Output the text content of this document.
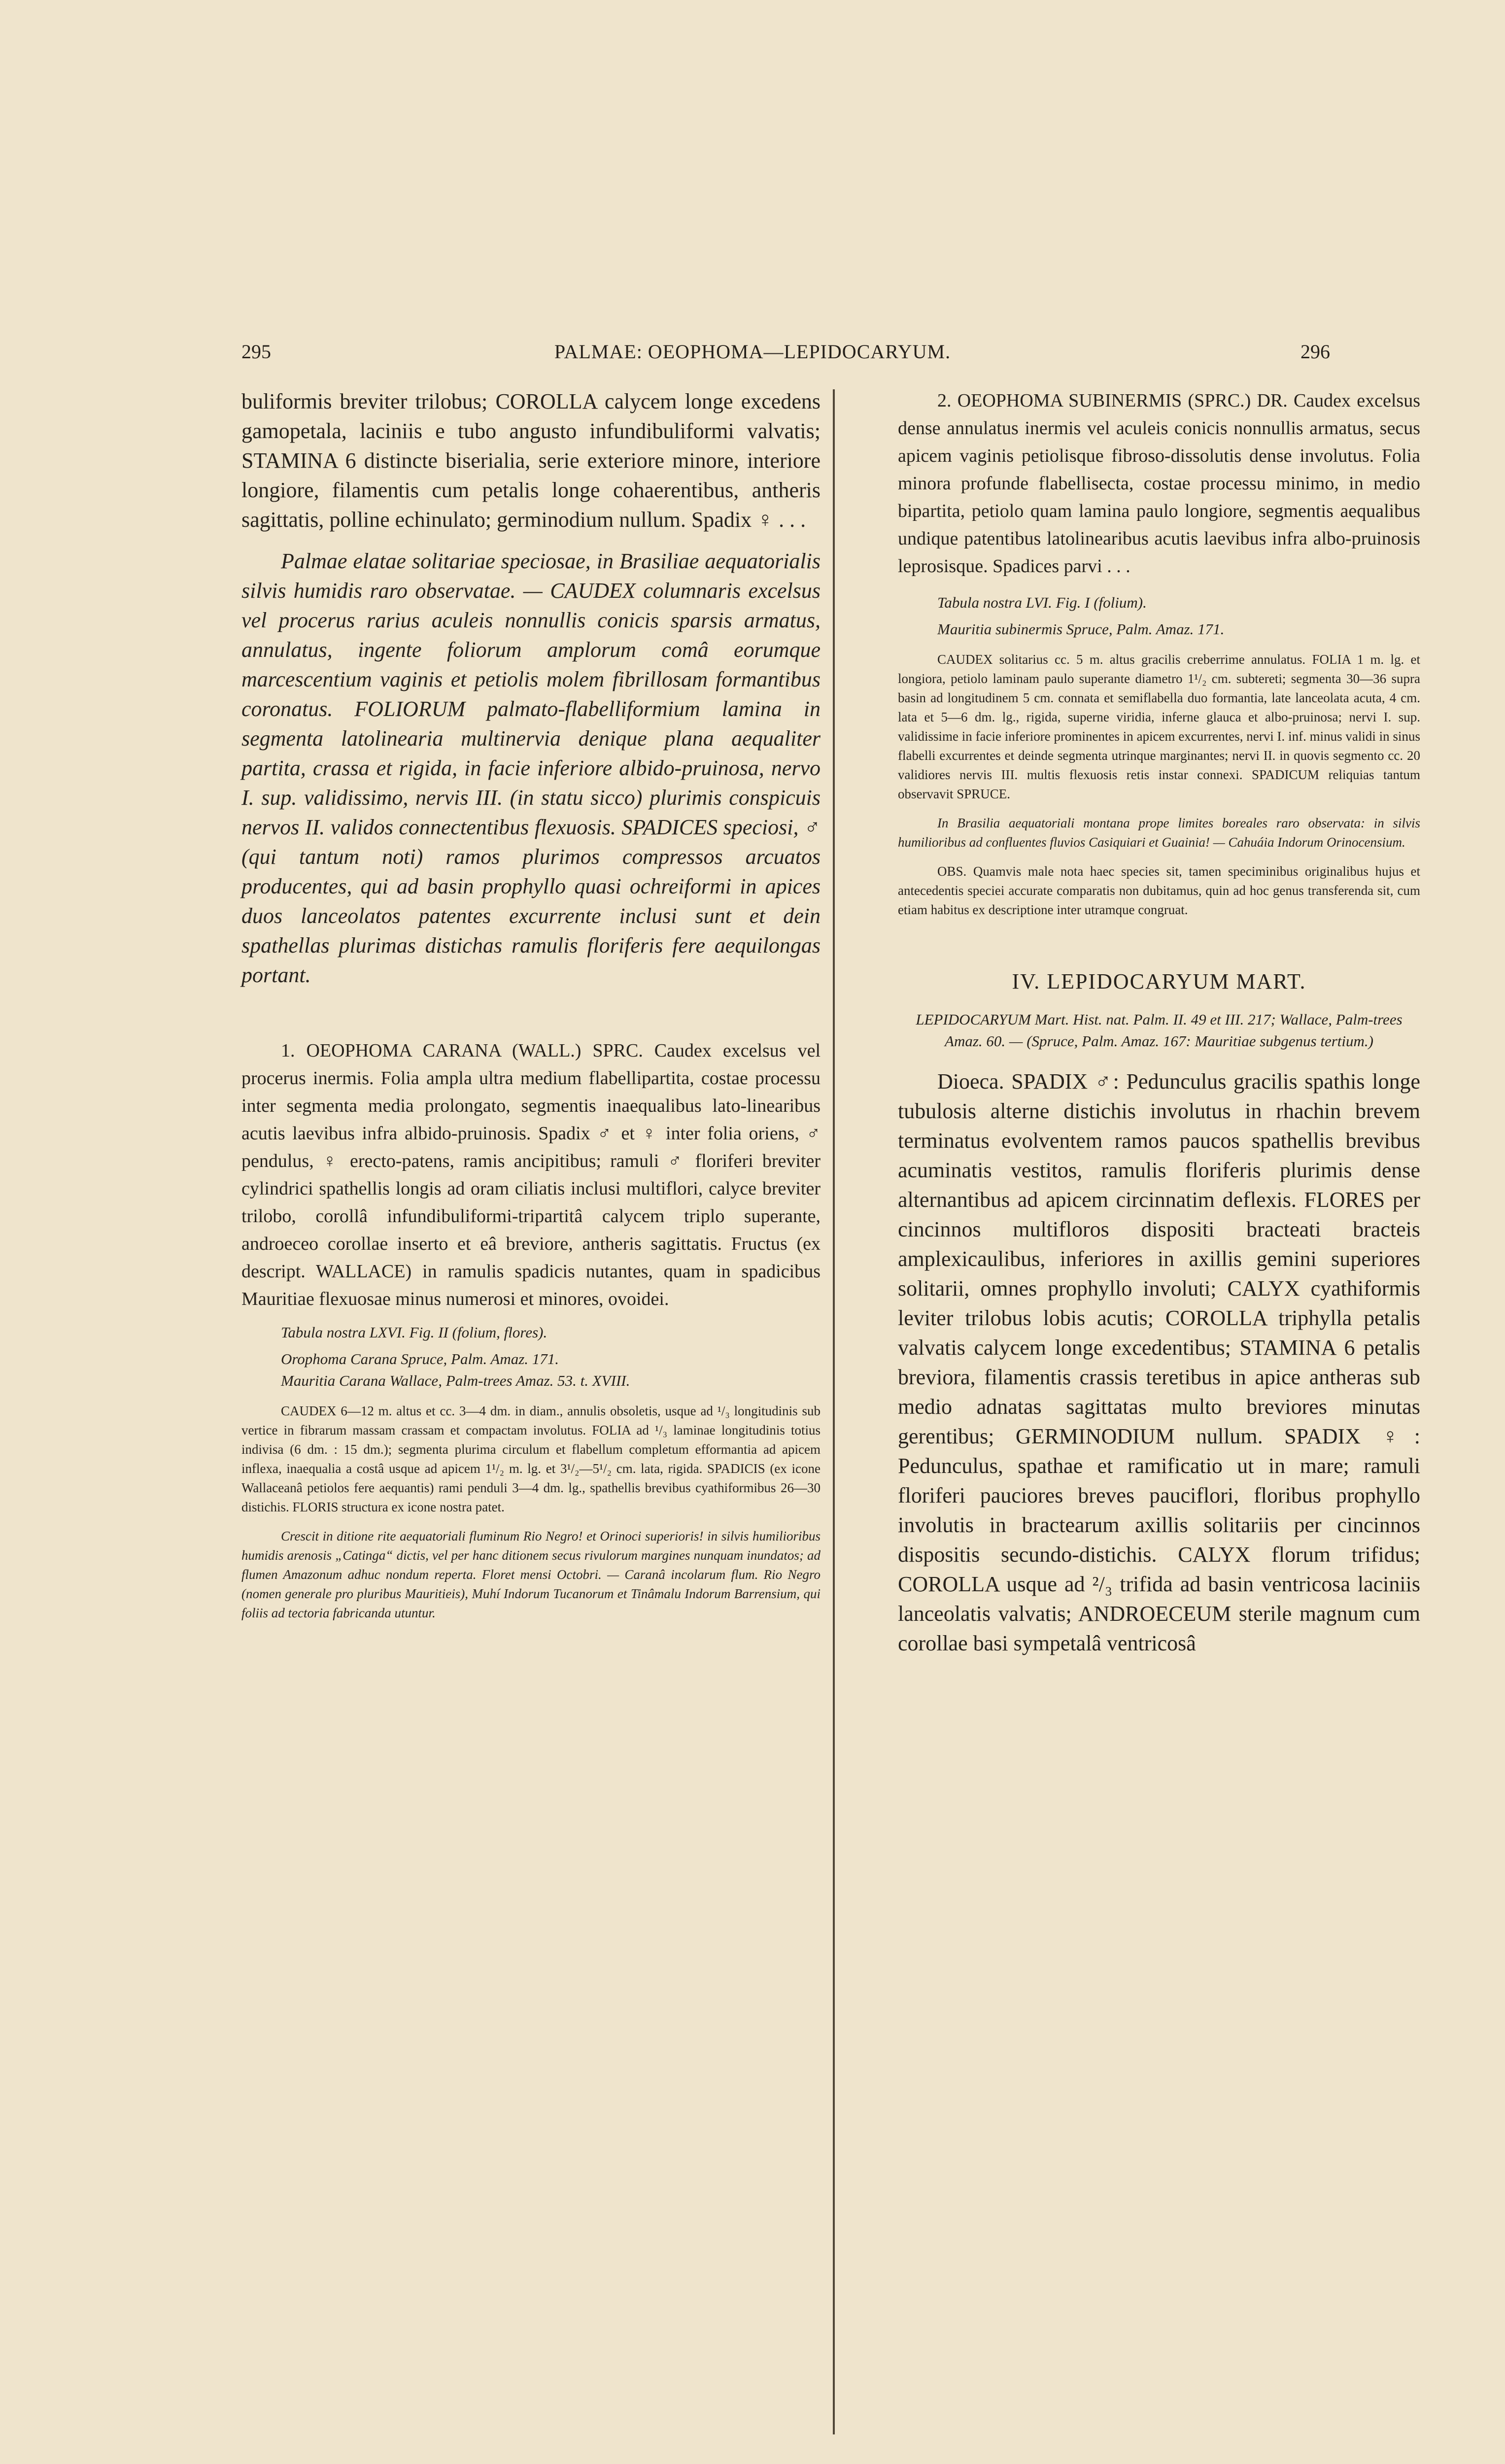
295	PALMAE: OEOPHOMA—LEPIDOCARYUM.	296

buliformis breviter trilobus; COROLLA calycem longe excedens gamopetala, laciniis e tubo angusto infundibuliformi valvatis; STAMINA 6 distincte biserialia, serie exteriore minore, interiore longiore, filamentis cum petalis longe cohaerentibus, antheris sagittatis, polline echinulato; germinodium nullum. Spadix ♀ . . .

Palmae elatae solitariae speciosae, in Brasiliae aequatorialis silvis humidis raro observatae. — CAUDEX columnaris excelsus vel procerus rarius aculeis nonnullis conicis sparsis armatus, annulatus, ingente foliorum amplorum comâ eorumque marcescentium vaginis et petiolis molem fibrillosam formantibus coronatus. FOLIORUM palmato-flabelliformium lamina in segmenta latolinearia multinervia denique plana aequaliter partita, crassa et rigida, in facie inferiore albido-pruinosa, nervo I. sup. validissimo, nervis III. (in statu sicco) plurimis conspicuis nervos II. validos connectentibus flexuosis. SPADICES speciosi, ♂ (qui tantum noti) ramos plurimos compressos arcuatos producentes, qui ad basin prophyllo quasi ochreiformi in apices duos lanceolatos patentes excurrente inclusi sunt et dein spathellas plurimas distichas ramulis floriferis fere aequilongas portant.

1. OEOPHOMA CARANA (WALL.) SPRC. Caudex excelsus vel procerus inermis. Folia ampla ultra medium flabellipartita, costae processu inter segmenta media prolongato, segmentis inaequalibus lato-linearibus acutis laevibus infra albido-pruinosis. Spadix ♂ et ♀ inter folia oriens, ♂ pendulus, ♀ erecto-patens, ramis ancipitibus; ramuli ♂ floriferi breviter cylindrici spathellis longis ad oram ciliatis inclusi multiflori, calyce breviter trilobo, corollâ infundibuliformi-tripartitâ calycem triplo superante, androeceo corollae inserto et eâ breviore, antheris sagittatis. Fructus (ex descript. WALLACE) in ramulis spadicis nutantes, quam in spadicibus Mauritiae flexuosae minus numerosi et minores, ovoidei.

Tabula nostra LXVI. Fig. II (folium, flores).

Orophoma Carana Spruce, Palm. Amaz. 171.

Mauritia Carana Wallace, Palm-trees Amaz. 53. t. XVIII.

CAUDEX 6—12 m. altus et cc. 3—4 dm. in diam., annulis obsoletis, usque ad ¹/₃ longitudinis sub vertice in fibrarum massam crassam et compactam involutus. FOLIA ad ¹/₃ laminae longitudinis totius indivisa (6 dm. : 15 dm.); segmenta plurima circulum et flabellum completum efformantia ad apicem inflexa, inaequalia a costâ usque ad apicem 1¹/₂ m. lg. et 3¹/₂—5¹/₂ cm. lata, rigida. SPADICIS (ex icone Wallaceanâ petiolos fere aequantis) rami penduli 3—4 dm. lg., spathellis brevibus cyathiformibus 26—30 distichis. FLORIS structura ex icone nostra patet.

Crescit in ditione rite aequatoriali fluminum Rio Negro! et Orinoci superioris! in silvis humilioribus humidis arenosis „Catinga“ dictis, vel per hanc ditionem secus rivulorum margines nunquam inundatos; ad flumen Amazonum adhuc nondum reperta. Floret mensi Octobri. — Caranâ incolarum flum. Rio Negro (nomen generale pro pluribus Mauritieis), Muhí Indorum Tucanorum et Tinâmalu Indorum Barrensium, qui foliis ad tectoria fabricanda utuntur.

2. OEOPHOMA SUBINERMIS (SPRC.) DR. Caudex excelsus dense annulatus inermis vel aculeis conicis nonnullis armatus, secus apicem vaginis petiolisque fibroso-dissolutis dense involutus. Folia minora profunde flabellisecta, costae processu minimo, in medio bipartita, petiolo quam lamina paulo longiore, segmentis aequalibus undique patentibus latolinearibus acutis laevibus infra albo-pruinosis leprosisque. Spadices parvi . . .

Tabula nostra LVI. Fig. I (folium).

Mauritia subinermis Spruce, Palm. Amaz. 171.

CAUDEX solitarius cc. 5 m. altus gracilis creberrime annulatus. FOLIA 1 m. lg. et longiora, petiolo laminam paulo superante diametro 1¹/₂ cm. subtereti; segmenta 30—36 supra basin ad longitudinem 5 cm. connata et semiflabella duo formantia, late lanceolata acuta, 4 cm. lata et 5—6 dm. lg., rigida, superne viridia, inferne glauca et albo-pruinosa; nervi I. sup. validissime in facie inferiore prominentes in apicem excurrentes, nervi I. inf. minus validi in sinus flabelli excurrentes et deinde segmenta utrinque marginantes; nervi II. in quovis segmento cc. 20 validiores nervis III. multis flexuosis retis instar connexi. SPADICUM reliquias tantum observavit SPRUCE.

In Brasilia aequatoriali montana prope limites boreales raro observata: in silvis humilioribus ad confluentes fluvios Casiquiari et Guainia! — Cahuáia Indorum Orinocensium.

OBS. Quamvis male nota haec species sit, tamen speciminibus originalibus hujus et antecedentis speciei accurate comparatis non dubitamus, quin ad hoc genus transferenda sit, cum etiam habitus ex descriptione inter utramque congruat.

IV. LEPIDOCARYUM MART.

LEPIDOCARYUM Mart. Hist. nat. Palm. II. 49 et III. 217; Wallace, Palm-trees Amaz. 60. — (Spruce, Palm. Amaz. 167: Mauritiae subgenus tertium.)

Dioeca. SPADIX ♂: Pedunculus gracilis spathis longe tubulosis alterne distichis involutus in rhachin brevem terminatus evolventem ramos paucos spathellis brevibus acuminatis vestitos, ramulis floriferis plurimis dense alternantibus ad apicem circinnatim deflexis. FLORES per cincinnos multifloros dispositi bracteati bracteis amplexicaulibus, inferiores in axillis gemini superiores solitarii, omnes prophyllo involuti; CALYX cyathiformis leviter trilobus lobis acutis; COROLLA triphylla petalis valvatis calycem longe excedentibus; STAMINA 6 petalis breviora, filamentis crassis teretibus in apice antheras sub medio adnatas sagittatas multo breviores minutas gerentibus; GERMINODIUM nullum. SPADIX ♀: Pedunculus, spathae et ramificatio ut in mare; ramuli floriferi pauciores breves pauciflori, floribus prophyllo involutis in bractearum axillis solitariis per cincinnos dispositis secundo-distichis. CALYX florum trifidus; COROLLA usque ad ²/₃ trifida ad basin ventricosa laciniis lanceolatis valvatis; ANDROECEUM sterile magnum cum corollae basi sympetalâ ventricosâ
